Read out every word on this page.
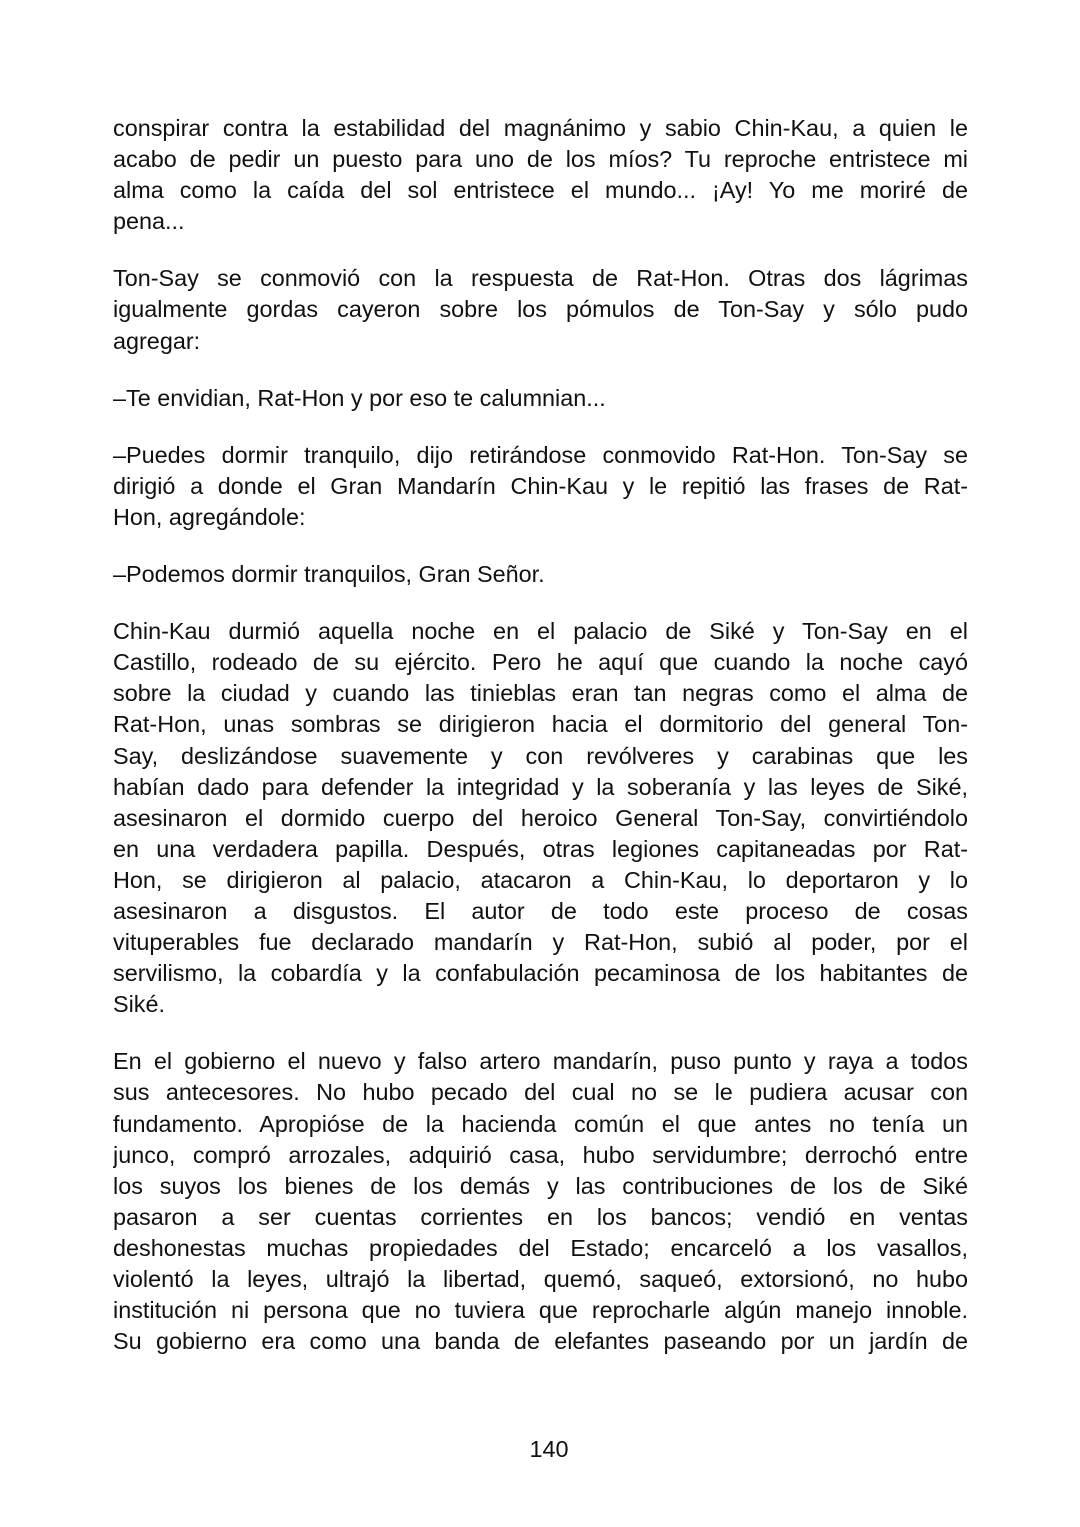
conspirar contra la estabilidad del magnánimo y sabio Chin-Kau, a quien le
acabo de pedir un puesto para uno de los míos? Tu reproche entristece mi
alma como la caída del sol entristece el mundo... ¡Ay! Yo me moriré de
pena...
Ton-Say se conmovió con la respuesta de Rat-Hon. Otras dos lágrimas
igualmente gordas cayeron sobre los pómulos de Ton-Say y sólo pudo
agregar:
–Te envidian, Rat-Hon y por eso te calumnian...
–Puedes dormir tranquilo, dijo retirándose conmovido Rat-Hon. Ton-Say se
dirigió a donde el Gran Mandarín Chin-Kau y le repitió las frases de Rat-
Hon, agregándole:
–Podemos dormir tranquilos, Gran Señor.
Chin-Kau durmió aquella noche en el palacio de Siké y Ton-Say en el
Castillo, rodeado de su ejército. Pero he aquí que cuando la noche cayó
sobre la ciudad y cuando las tinieblas eran tan negras como el alma de
Rat-Hon, unas sombras se dirigieron hacia el dormitorio del general Ton-
Say, deslizándose suavemente y con revólveres y carabinas que les
habían dado para defender la integridad y la soberanía y las leyes de Siké,
asesinaron el dormido cuerpo del heroico General Ton-Say, convirtiéndolo
en una verdadera papilla. Después, otras legiones capitaneadas por Rat-
Hon, se dirigieron al palacio, atacaron a Chin-Kau, lo deportaron y lo
asesinaron a disgustos. El autor de todo este proceso de cosas
vituperables fue declarado mandarín y Rat-Hon, subió al poder, por el
servilismo, la cobardía y la confabulación pecaminosa de los habitantes de
Siké.
En el gobierno el nuevo y falso artero mandarín, puso punto y raya a todos
sus antecesores. No hubo pecado del cual no se le pudiera acusar con
fundamento. Apropióse de la hacienda común el que antes no tenía un
junco, compró arrozales, adquirió casa, hubo servidumbre; derrochó entre
los suyos los bienes de los demás y las contribuciones de los de Siké
pasaron a ser cuentas corrientes en los bancos; vendió en ventas
deshonestas muchas propiedades del Estado; encarceló a los vasallos,
violentó la leyes, ultrajó la libertad, quemó, saqueó, extorsionó, no hubo
institución ni persona que no tuviera que reprocharle algún manejo innoble.
Su gobierno era como una banda de elefantes paseando por un jardín de
140
